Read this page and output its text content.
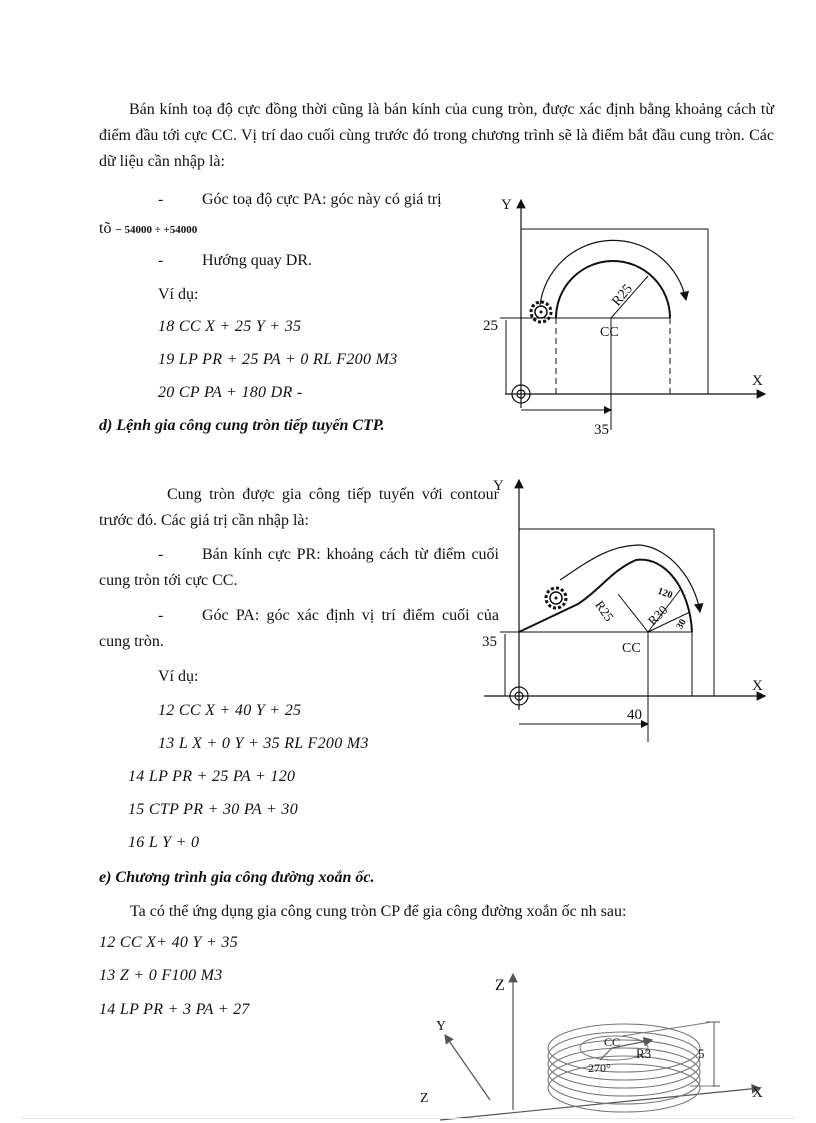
Bán kính toạ độ cực đồng thời cũng là bán kính của cung tròn, được xác định bằng khoảng cách từ điểm đầu tới cực CC. Vị trí dao cuối cùng trước đó trong chương trình sẽ là điểm bắt đầu cung tròn. Các dữ liệu cần nhập là:

- Góc toạ độ cực PA: góc này có giá trị
tõ − 54000 ÷ +54000
- Hướng quay DR.
Ví dụ:
18 CC X + 25 Y + 35
19 LP PR + 25 PA + 0 RL F200 M3
20 CP PA + 180 DR -
d) Lệnh gia công cung tròn tiếp tuyến CTP.
Y
X
25
35
R25
CC

Cung tròn được gia công tiếp tuyến với contour trước đó. Các giá trị cần nhập là:

-	Bán kính cực PR: khoảng cách từ điểm cuối cung tròn tới cực CC.

-	Góc PA: góc xác định vị trí điểm cuối của cung tròn.

Ví dụ:
12 CC X + 40 Y + 25
13 L X + 0 Y + 35 RL F200 M3
14 LP PR + 25 PA + 120
15 CTP PR + 30 PA + 30
16 L Y + 0
Y
X
35
40
R25 R30
120
30
CC
e) Chương trình gia công đường xoắn ốc.
Ta có thể ứng dụng gia công cung tròn CP để gia công đường xoắn ốc nh sau:
12 CC X+ 40 Y + 35
13 Z + 0 F100 M3
14 LP PR + 3 PA + 27
Z
Y
X
Z
CC
R3
270°
5
